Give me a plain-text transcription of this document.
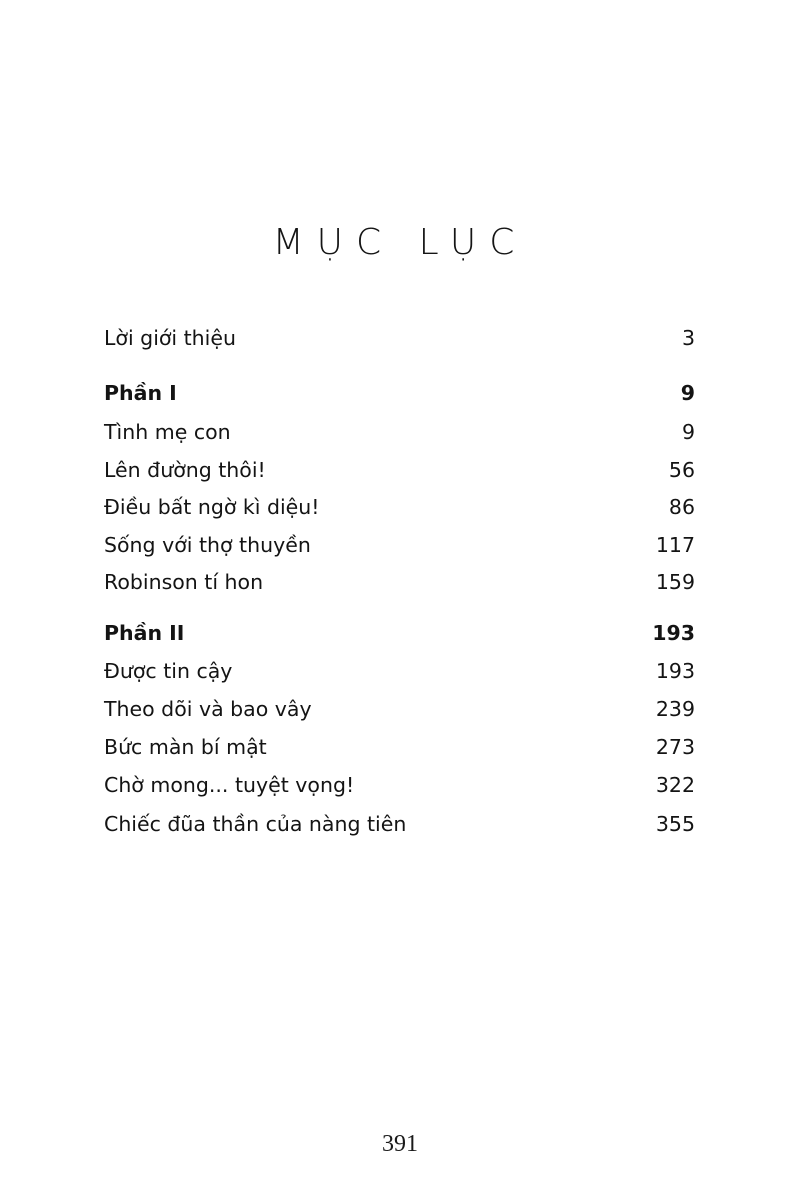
MỤC LỤC
Lời giới thiệu	3
Phần I	9
Tình mẹ con	9
Lên đường thôi!	56
Điều bất ngờ kì diệu!	86
Sống với thợ thuyền	117
Robinson tí hon	159
Phần II	193
Được tin cậy	193
Theo dõi và bao vây	239
Bức màn bí mật	273
Chờ mong... tuyệt vọng!	322
Chiếc đũa thần của nàng tiên	355
391
